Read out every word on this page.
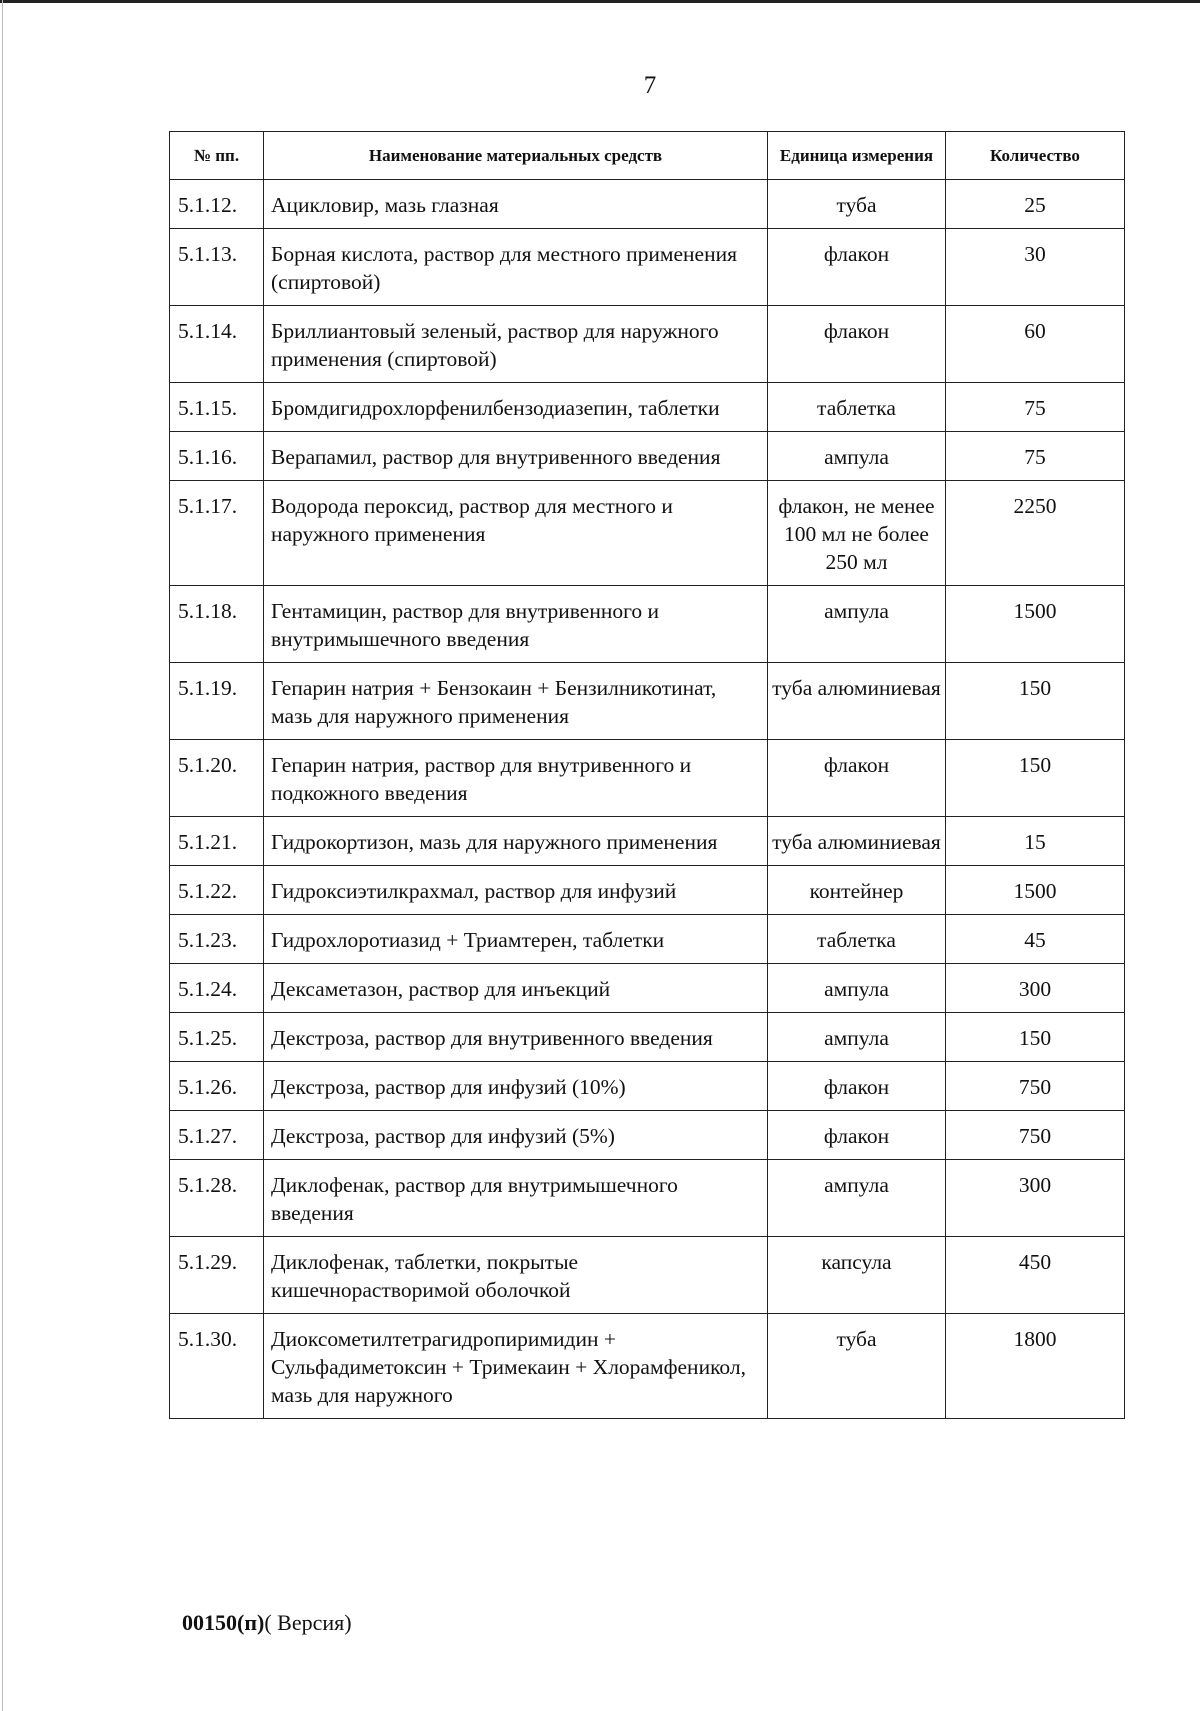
7
№ пп.	Наименование материальных средств	Единица измерения	Количество
5.1.12.	Ацикловир, мазь глазная	туба	25
5.1.13.	Борная кислота, раствор для местного применения (спиртовой)	флакон	30
5.1.14.	Бриллиантовый зеленый, раствор для наружного применения (спиртовой)	флакон	60
5.1.15.	Бромдигидрохлорфенилбензодиазепин, таблетки	таблетка	75
5.1.16.	Верапамил, раствор для внутривенного введения	ампула	75
5.1.17.	Водорода пероксид, раствор для местного и наружного применения	флакон, не менее 100 мл не более 250 мл	2250
5.1.18.	Гентамицин, раствор для внутривенного и внутримышечного введения	ампула	1500
5.1.19.	Гепарин натрия + Бензокаин + Бензилникотинат, мазь для наружного применения	туба алюминиевая	150
5.1.20.	Гепарин натрия, раствор для внутривенного и подкожного введения	флакон	150
5.1.21.	Гидрокортизон, мазь для наружного применения	туба алюминиевая	15
5.1.22.	Гидроксиэтилкрахмал, раствор для инфузий	контейнер	1500
5.1.23.	Гидрохлоротиазид + Триамтерен, таблетки	таблетка	45
5.1.24.	Дексаметазон, раствор для инъекций	ампула	300
5.1.25.	Декстроза, раствор для внутривенного введения	ампула	150
5.1.26.	Декстроза, раствор для инфузий (10%)	флакон	750
5.1.27.	Декстроза, раствор для инфузий (5%)	флакон	750
5.1.28.	Диклофенак, раствор для внутримышечного введения	ампула	300
5.1.29.	Диклофенак, таблетки, покрытые кишечнорастворимой оболочкой	капсула	450
5.1.30.	Диоксометилтетрагидропиримидин + Сульфадиметоксин + Тримекаин + Хлорамфеникол, мазь для наружного	туба	1800
00150(п)( Версия)
